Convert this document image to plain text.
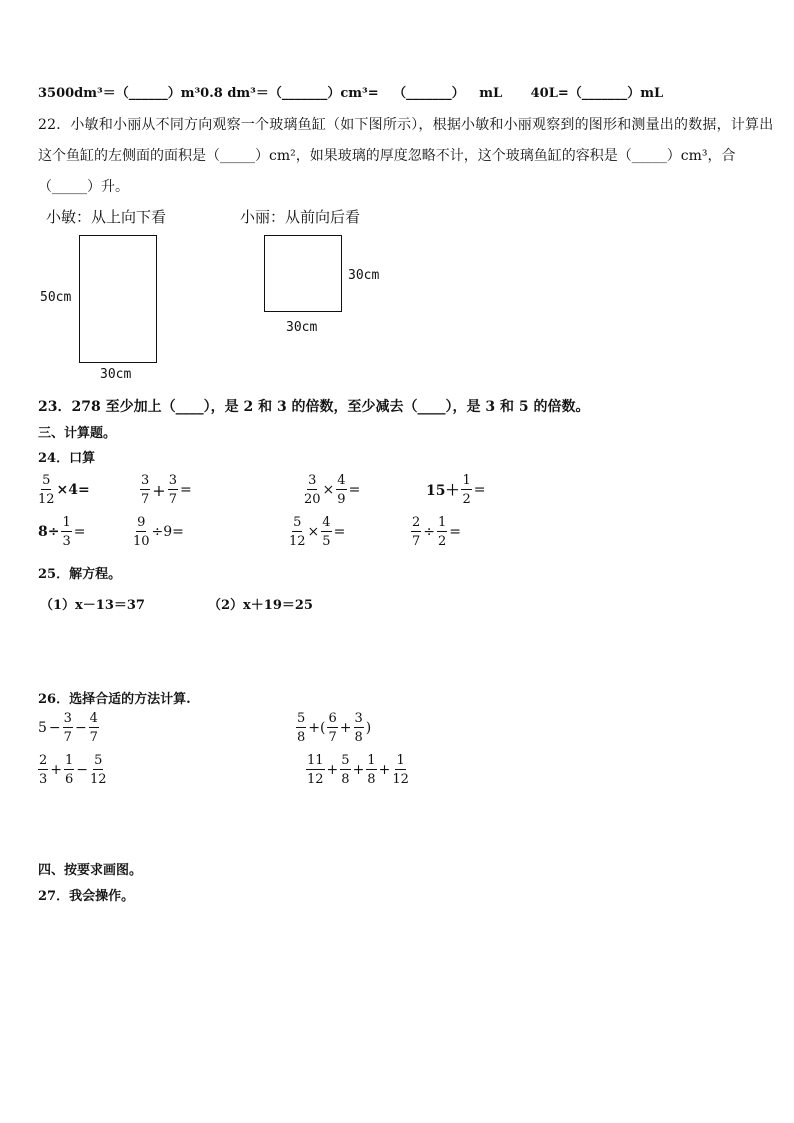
3500dm³＝（______）m³0.8 dm³＝（_______）cm³= （_______） mL 40L=（_______）mL
22．小敏和小丽从不同方向观察一个玻璃鱼缸（如下图所示），根据小敏和小丽观察到的图形和测量出的数据，计算出
这个鱼缸的左侧面的面积是（_____）cm²，如果玻璃的厚度忽略不计，这个玻璃鱼缸的容积是（_____）cm³，合
（_____）升。
小敏：从上向下看
50cm
30cm
小丽：从前向后看
30cm
30cm
23．278 至少加上（____），是 2 和 3 的倍数，至少减去（____），是 3 和 5 的倍数。
三、计算题。
24．口算
$\frac{5}{12} \times 4=$	$\frac{3}{7} + \frac{3}{7}$ =	$\frac{3}{20} \times \frac{4}{9}$ =	$15+ \frac{1}{2}$ =
$8\div \frac{1}{3}$ =	$\frac{9}{10} \div 9=$	$\frac{5}{12} \times \frac{4}{5}$ =	$\frac{2}{7} \div \frac{1}{2}$ =
25．解方程。
（1）x－13＝37	（2）x＋19＝25
26．选择合适的方法计算.
$5 - \frac{3}{7} - \frac{4}{7}$	$\frac{5}{8}$ +( $\frac{6}{7} + \frac{3}{8}$ )
$\frac{2}{3} + \frac{1}{6} - \frac{5}{12}$	$\frac{11}{12} + \frac{5}{8} + \frac{1}{8} + \frac{1}{12}$
四、按要求画图。
27．我会操作。
